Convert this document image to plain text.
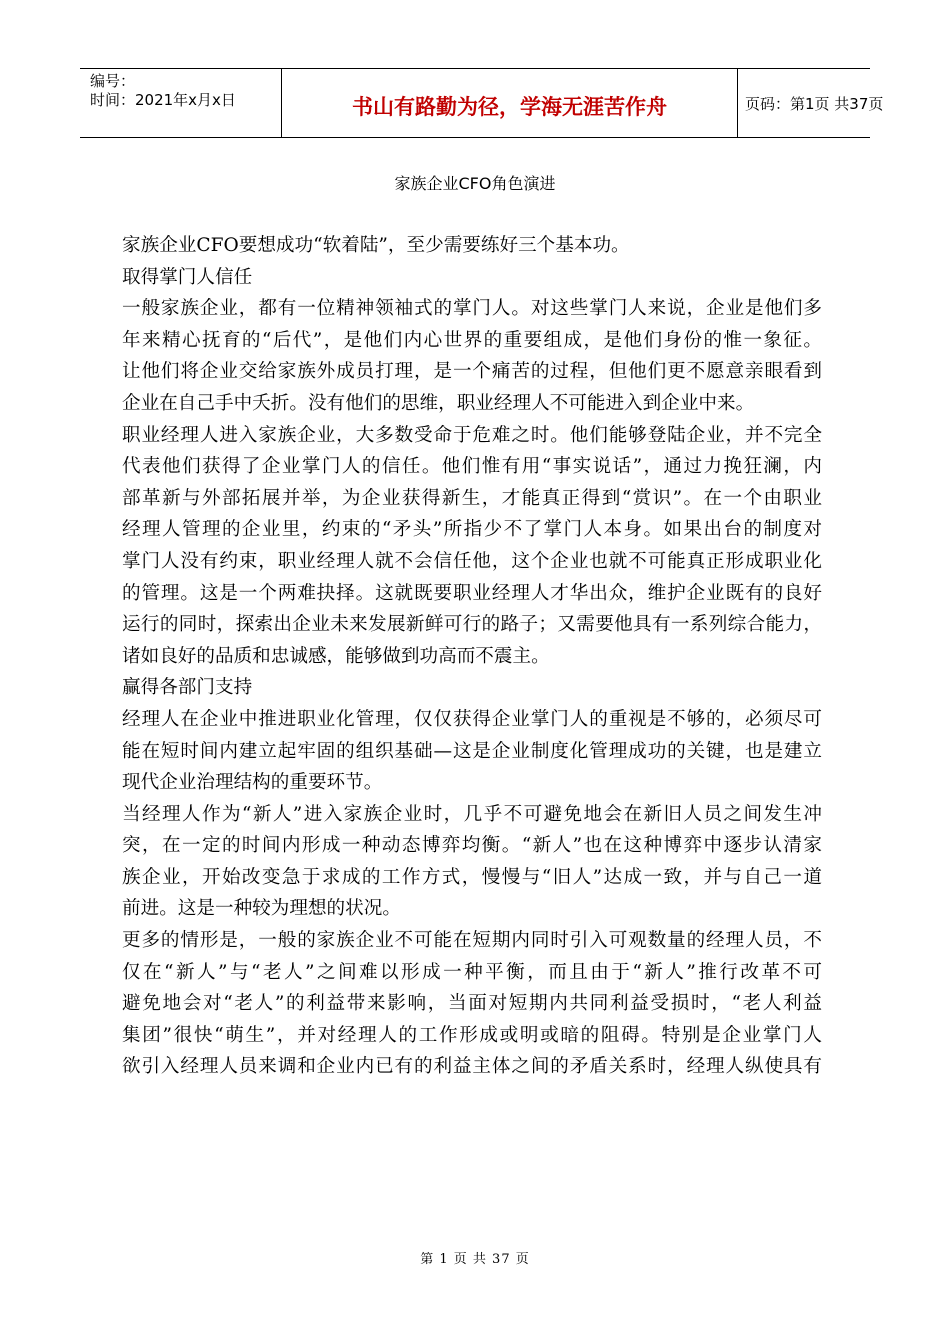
编号：
时间：2021年x月x日	书山有路勤为径，学海无涯苦作舟	页码：第1页 共37页
家族企业CFO角色演进
家族企业CFO要想成功“软着陆”，至少需要练好三个基本功。
取得掌门人信任
一般家族企业，都有一位精神领袖式的掌门人。对这些掌门人来说，企业是他们多
年来精心抚育的“后代”，是他们内心世界的重要组成，是他们身份的惟一象征。
让他们将企业交给家族外成员打理，是一个痛苦的过程，但他们更不愿意亲眼看到
企业在自己手中夭折。没有他们的思维，职业经理人不可能进入到企业中来。
职业经理人进入家族企业，大多数受命于危难之时。他们能够登陆企业，并不完全
代表他们获得了企业掌门人的信任。他们惟有用“事实说话”，通过力挽狂澜，内
部革新与外部拓展并举，为企业获得新生，才能真正得到“赏识”。在一个由职业
经理人管理的企业里，约束的“矛头”所指少不了掌门人本身。如果出台的制度对
掌门人没有约束，职业经理人就不会信任他，这个企业也就不可能真正形成职业化
的管理。这是一个两难抉择。这就既要职业经理人才华出众，维护企业既有的良好
运行的同时，探索出企业未来发展新鲜可行的路子；又需要他具有一系列综合能力，
诸如良好的品质和忠诚感，能够做到功高而不震主。
赢得各部门支持
经理人在企业中推进职业化管理，仅仅获得企业掌门人的重视是不够的，必须尽可
能在短时间内建立起牢固的组织基础—这是企业制度化管理成功的关键，也是建立
现代企业治理结构的重要环节。
当经理人作为“新人”进入家族企业时，几乎不可避免地会在新旧人员之间发生冲
突，在一定的时间内形成一种动态博弈均衡。“新人”也在这种博弈中逐步认清家
族企业，开始改变急于求成的工作方式，慢慢与“旧人”达成一致，并与自己一道
前进。这是一种较为理想的状况。
更多的情形是，一般的家族企业不可能在短期内同时引入可观数量的经理人员，不
仅在“新人”与“老人”之间难以形成一种平衡，而且由于“新人”推行改革不可
避免地会对“老人”的利益带来影响，当面对短期内共同利益受损时，“老人利益
集团”很快“萌生”，并对经理人的工作形成或明或暗的阻碍。特别是企业掌门人
欲引入经理人员来调和企业内已有的利益主体之间的矛盾关系时，经理人纵使具有
第 1 页 共 37 页
